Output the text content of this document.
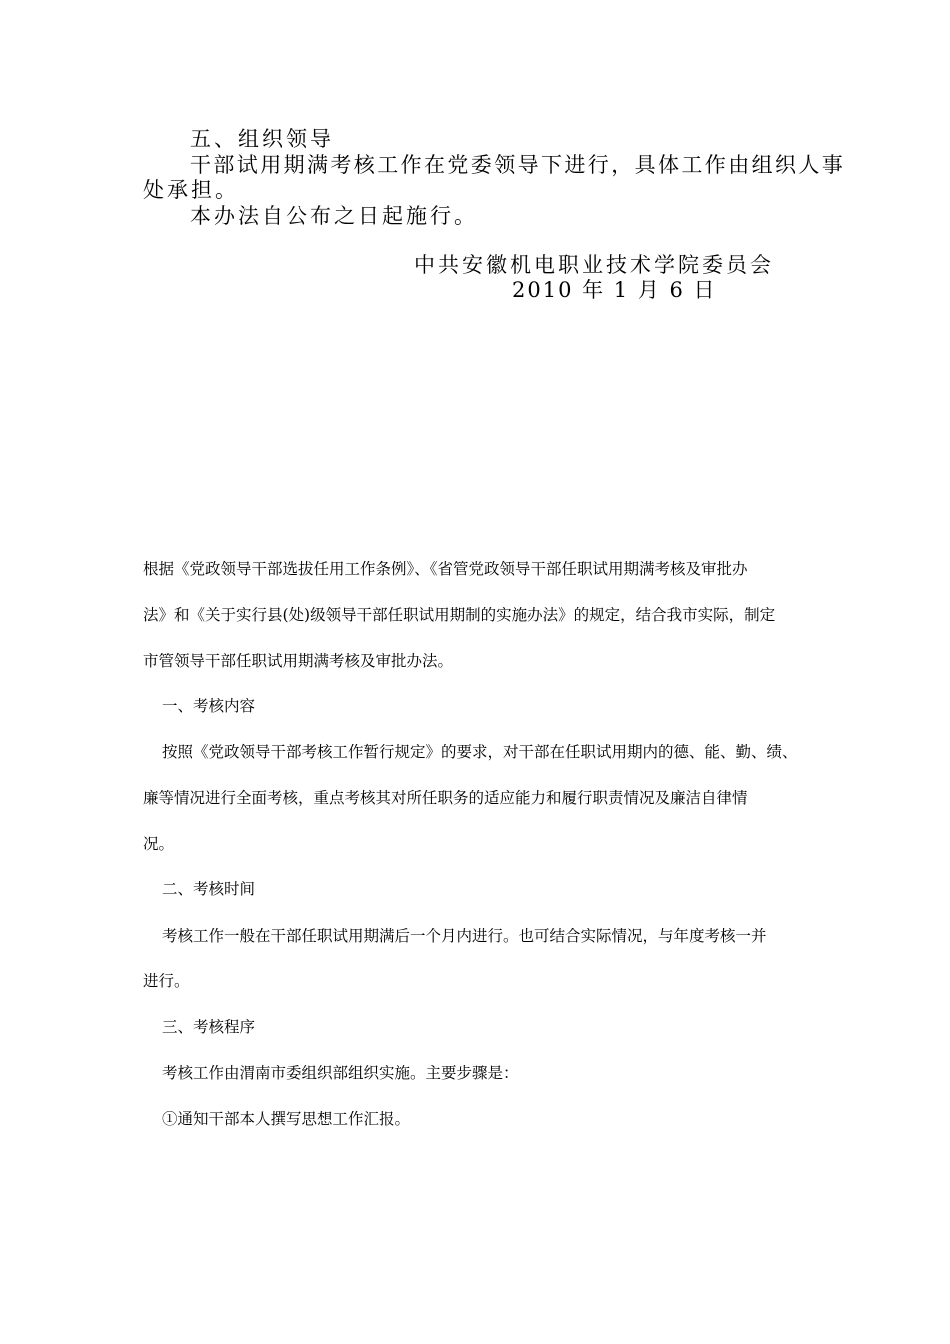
五、组织领导
干部试用期满考核工作在党委领导下进行，具体工作由组织人事
处承担。
本办法自公布之日起施行。
中共安徽机电职业技术学院委员会
2010 年 1 月 6 日
根据《党政领导干部选拔任用工作条例》、《省管党政领导干部任职试用期满考核及审批办
法》和《关于实行县(处)级领导干部任职试用期制的实施办法》的规定，结合我市实际，制定
市管领导干部任职试用期满考核及审批办法。
一、考核内容
按照《党政领导干部考核工作暂行规定》的要求，对干部在任职试用期内的德、能、勤、绩、
廉等情况进行全面考核，重点考核其对所任职务的适应能力和履行职责情况及廉洁自律情
况。
二、考核时间
考核工作一般在干部任职试用期满后一个月内进行。也可结合实际情况，与年度考核一并
进行。
三、考核程序
考核工作由渭南市委组织部组织实施。主要步骤是：
①通知干部本人撰写思想工作汇报。
